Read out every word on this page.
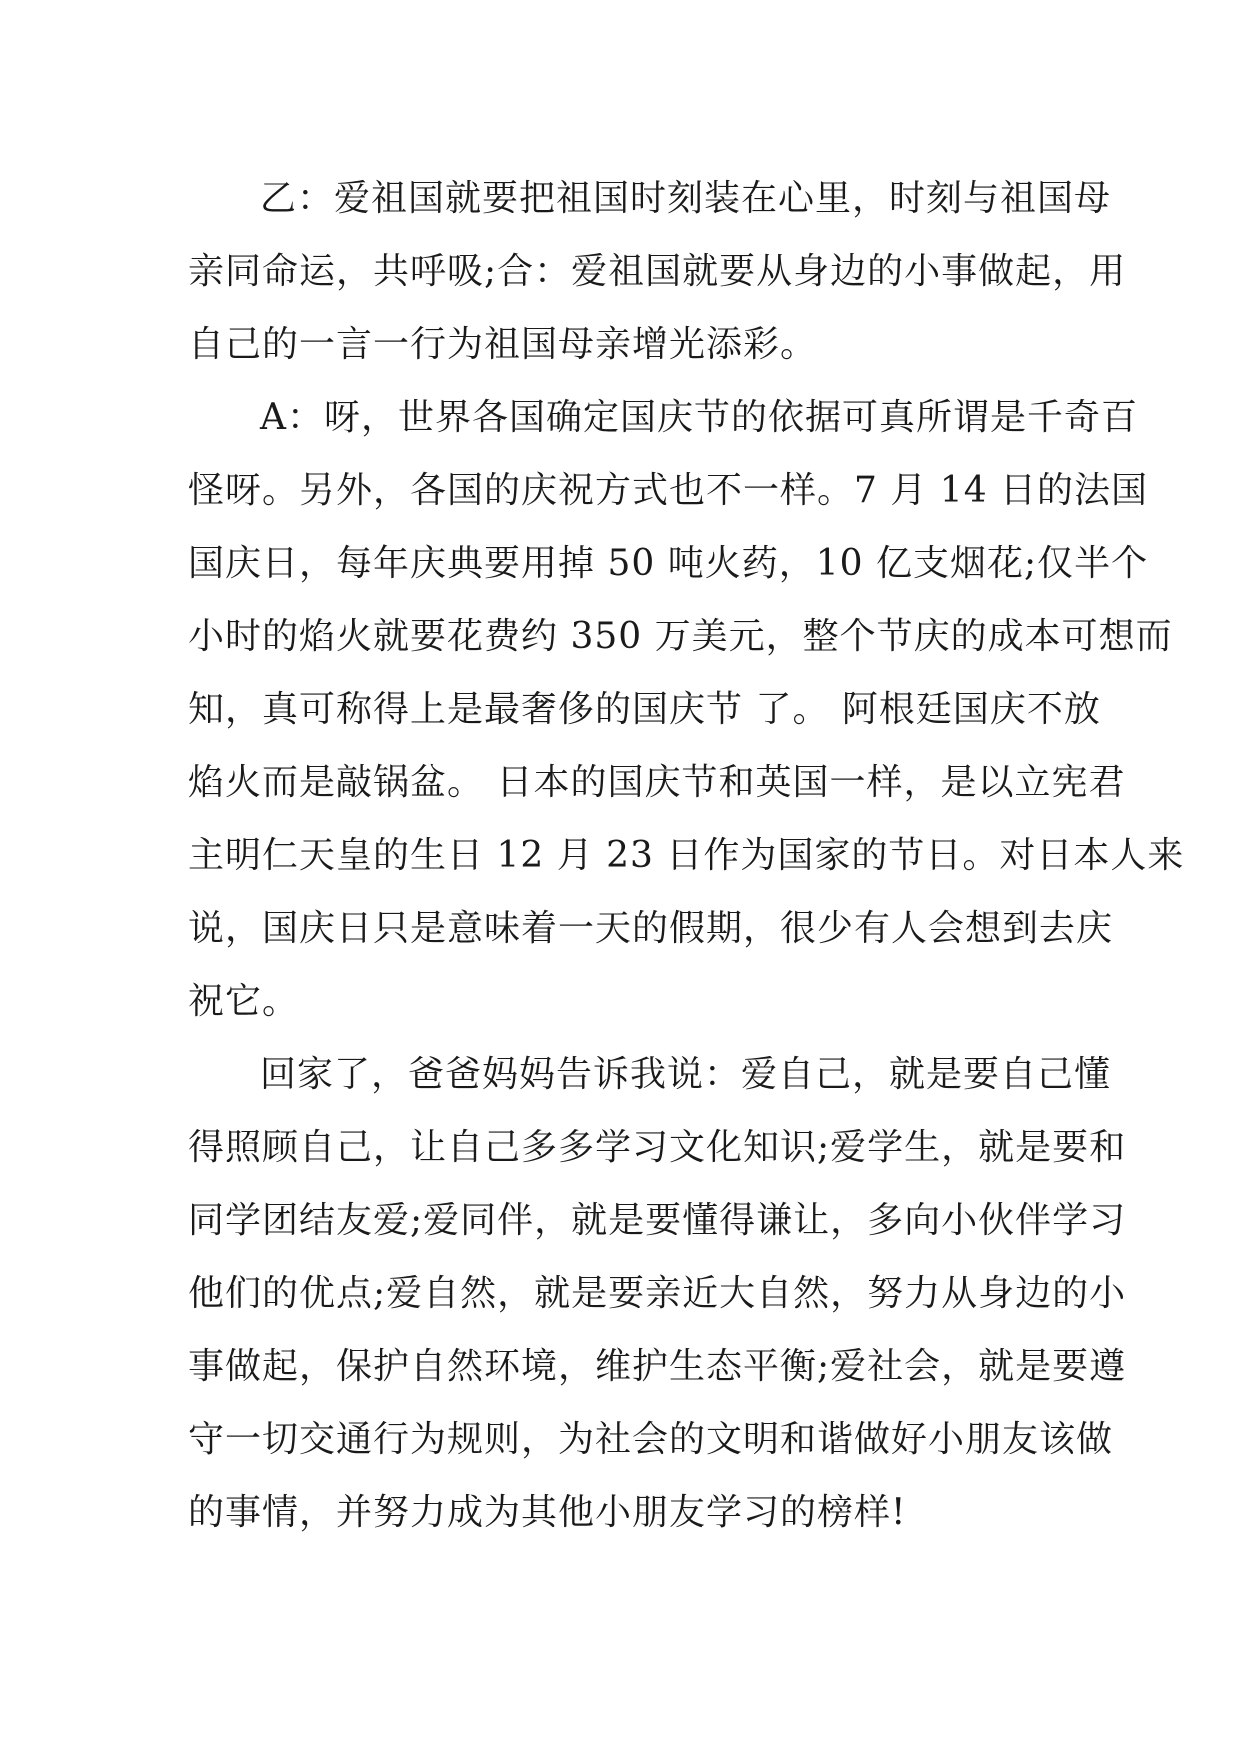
乙：爱祖国就要把祖国时刻装在心里，时刻与祖国母
亲同命运，共呼吸;合：爱祖国就要从身边的小事做起，用
自己的一言一行为祖国母亲增光添彩。
A：呀，世界各国确定国庆节的依据可真所谓是千奇百
怪呀。另外，各国的庆祝方式也不一样。7 月 14 日的法国
国庆日，每年庆典要用掉 50 吨火药，10 亿支烟花;仅半个
小时的焰火就要花费约 350 万美元，整个节庆的成本可想而
知，真可称得上是最奢侈的国庆节 了。 阿根廷国庆不放
焰火而是敲锅盆。 日本的国庆节和英国一样，是以立宪君
主明仁天皇的生日 12 月 23 日作为国家的节日。对日本人来
说，国庆日只是意味着一天的假期，很少有人会想到去庆
祝它。
回家了，爸爸妈妈告诉我说：爱自己，就是要自己懂
得照顾自己，让自己多多学习文化知识;爱学生，就是要和
同学团结友爱;爱同伴，就是要懂得谦让，多向小伙伴学习
他们的优点;爱自然，就是要亲近大自然，努力从身边的小
事做起，保护自然环境，维护生态平衡;爱社会，就是要遵
守一切交通行为规则，为社会的文明和谐做好小朋友该做
的事情，并努力成为其他小朋友学习的榜样!
